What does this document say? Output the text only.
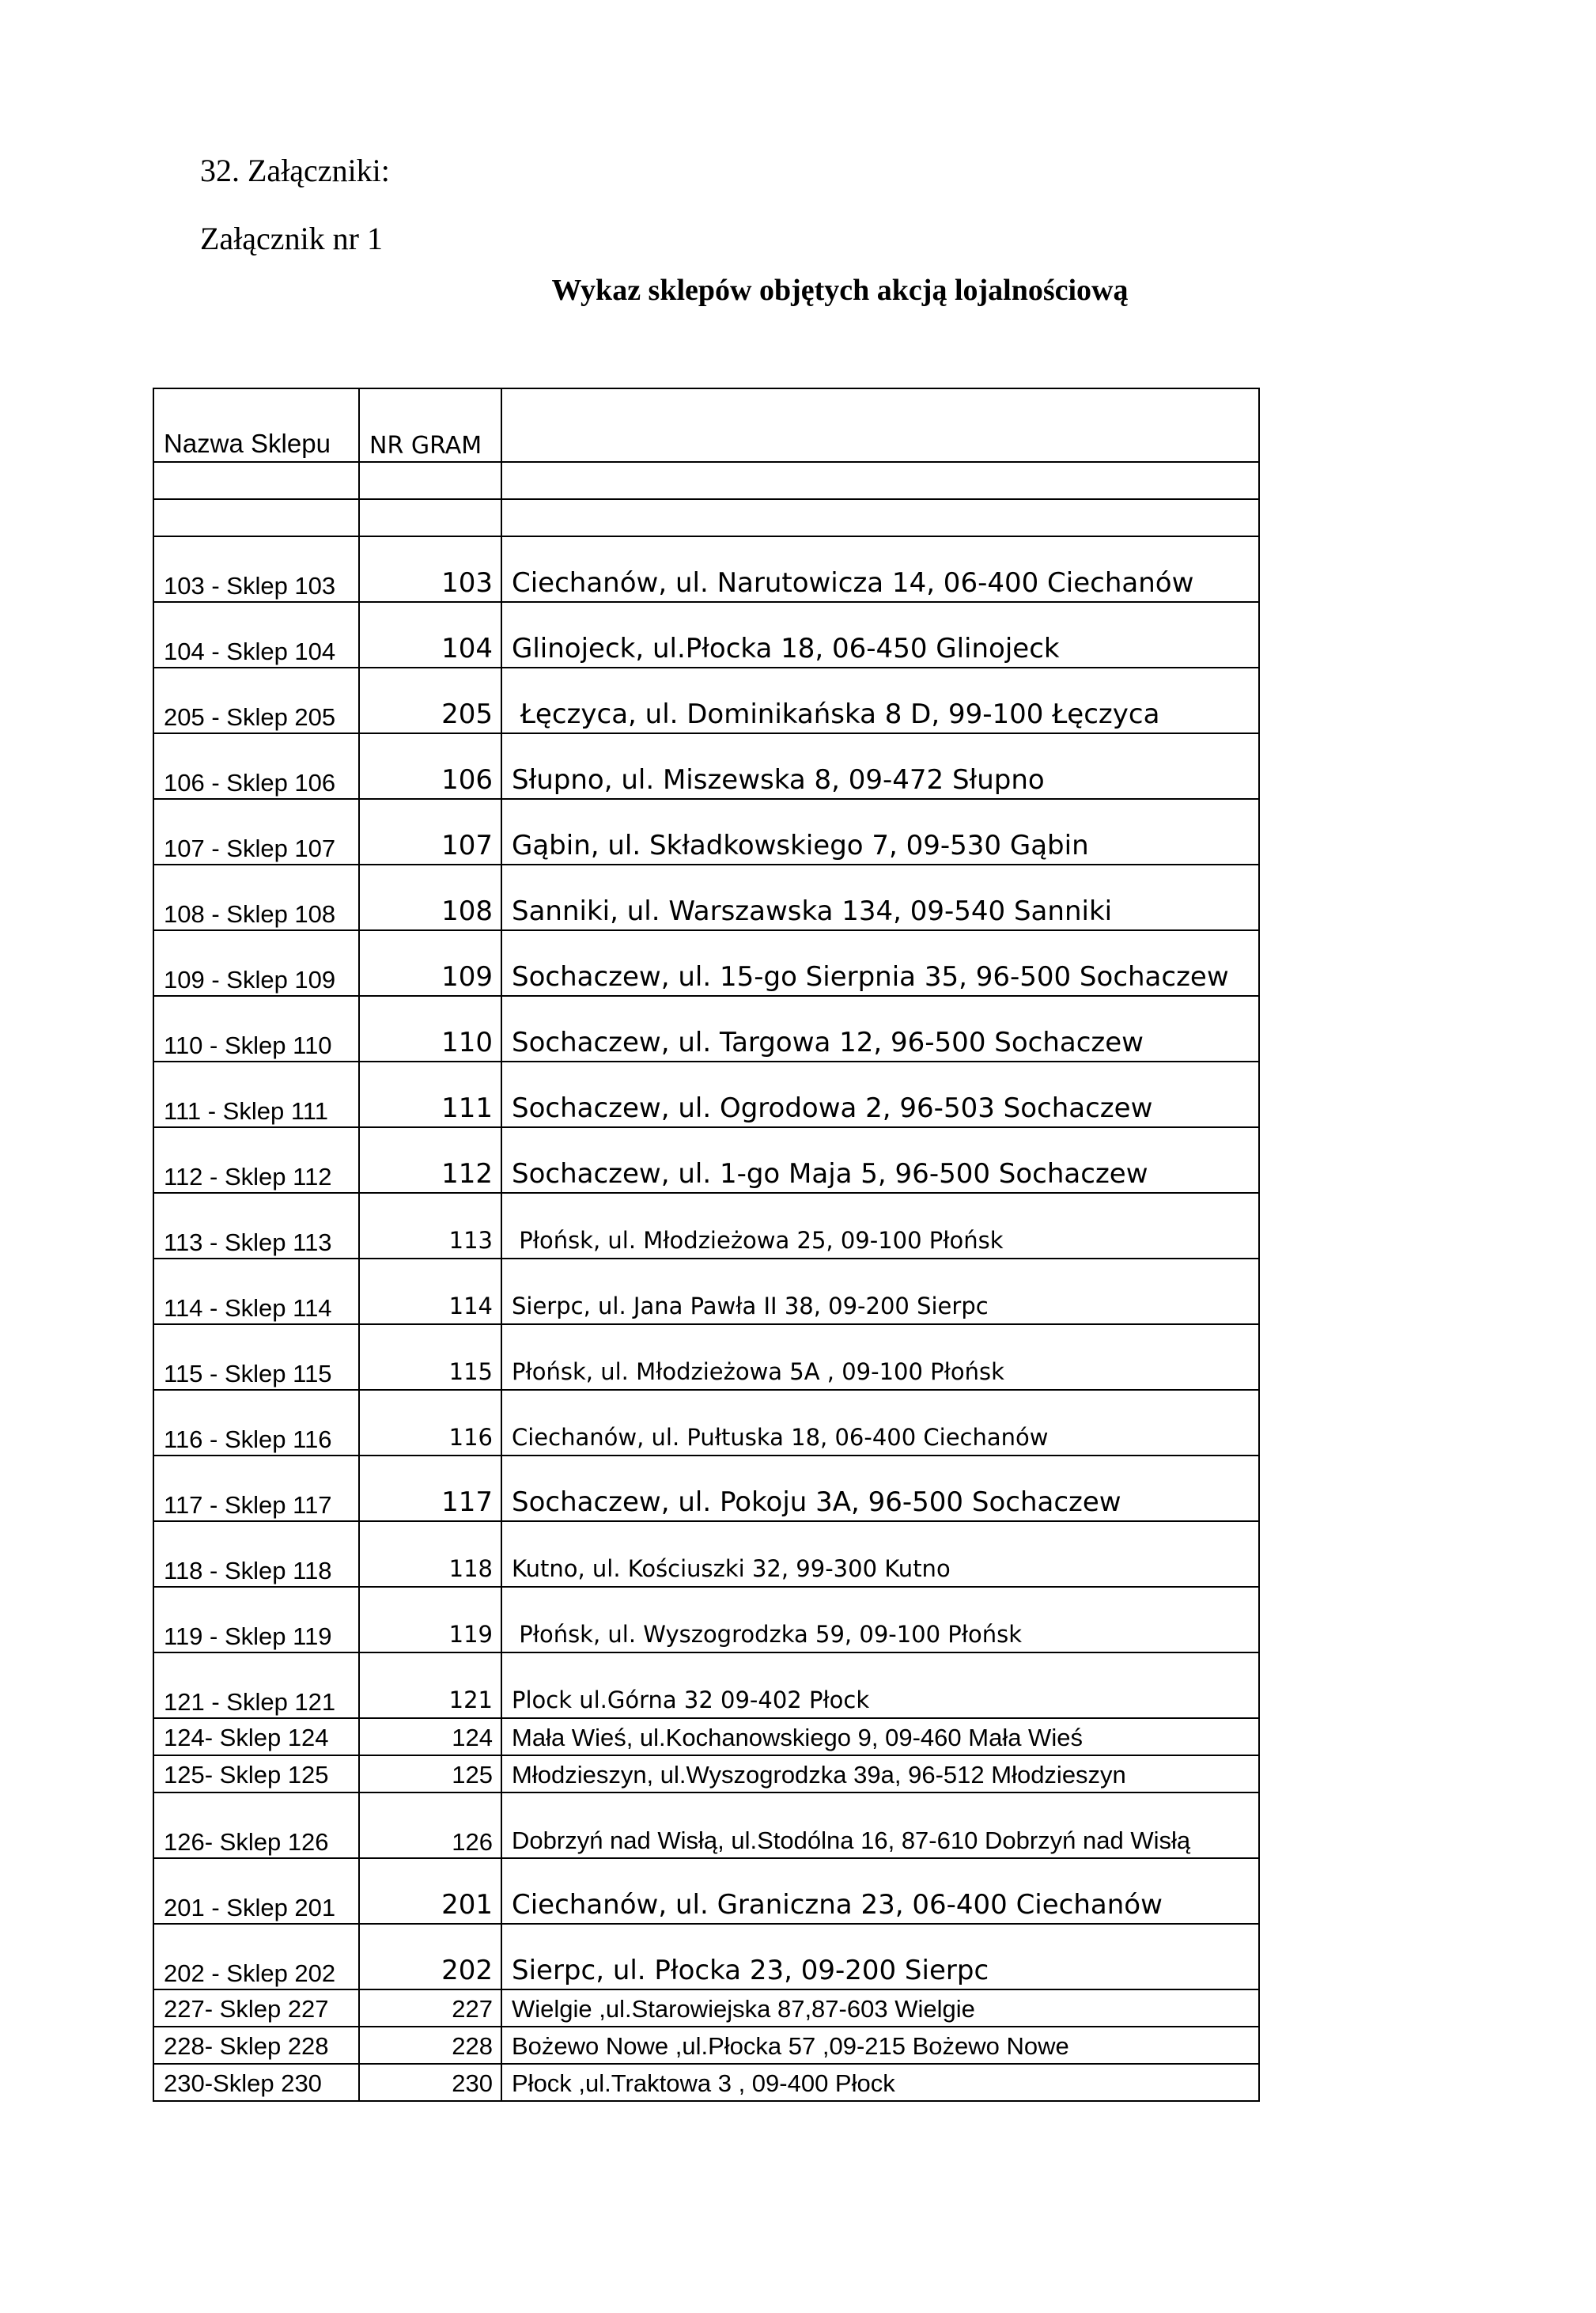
32. Załączniki:
Załącznik nr 1
Wykaz sklepów objętych akcją lojalnościową
Nazwa Sklepu	NR GRAM	

103 - Sklep 103	103	Ciechanów, ul. Narutowicza 14, 06-400 Ciechanów
104 - Sklep 104	104	Glinojeck, ul.Płocka 18, 06-450 Glinojeck
205 - Sklep 205	205	Łęczyca, ul. Dominikańska 8 D, 99-100 Łęczyca
106 - Sklep 106	106	Słupno, ul. Miszewska 8, 09-472 Słupno
107 - Sklep 107	107	Gąbin, ul. Składkowskiego 7, 09-530 Gąbin
108 - Sklep 108	108	Sanniki, ul. Warszawska 134, 09-540 Sanniki
109 - Sklep 109	109	Sochaczew, ul. 15-go Sierpnia 35, 96-500 Sochaczew
110 - Sklep 110	110	Sochaczew, ul. Targowa 12, 96-500 Sochaczew
111 - Sklep 111	111	Sochaczew, ul. Ogrodowa 2, 96-503 Sochaczew
112 - Sklep 112	112	Sochaczew, ul. 1-go Maja 5, 96-500 Sochaczew
113 - Sklep 113	113	Płońsk, ul. Młodzieżowa 25, 09-100 Płońsk
114 - Sklep 114	114	Sierpc, ul. Jana Pawła II 38, 09-200 Sierpc
115 - Sklep 115	115	Płońsk, ul. Młodzieżowa 5A , 09-100 Płońsk
116 - Sklep 116	116	Ciechanów, ul. Pułtuska 18, 06-400 Ciechanów
117 - Sklep 117	117	Sochaczew, ul. Pokoju 3A, 96-500 Sochaczew
118 - Sklep 118	118	Kutno, ul. Kościuszki 32, 99-300 Kutno
119 - Sklep 119	119	Płońsk, ul. Wyszogrodzka 59, 09-100 Płońsk
121 - Sklep 121	121	Plock ul.Górna 32 09-402 Płock
124- Sklep 124	124	Mała Wieś, ul.Kochanowskiego 9, 09-460 Mała Wieś
125- Sklep 125	125	Młodzieszyn, ul.Wyszogrodzka 39a, 96-512 Młodzieszyn
126- Sklep 126	126	Dobrzyń nad Wisłą, ul.Stodólna 16, 87-610 Dobrzyń nad Wisłą
201 - Sklep 201	201	Ciechanów, ul. Graniczna 23, 06-400 Ciechanów
202 - Sklep 202	202	Sierpc, ul. Płocka 23, 09-200 Sierpc
227- Sklep 227	227	Wielgie ,ul.Starowiejska 87,87-603 Wielgie
228- Sklep 228	228	Bożewo Nowe ,ul.Płocka 57 ,09-215 Bożewo Nowe
230-Sklep 230	230	Płock ,ul.Traktowa 3 , 09-400 Płock
